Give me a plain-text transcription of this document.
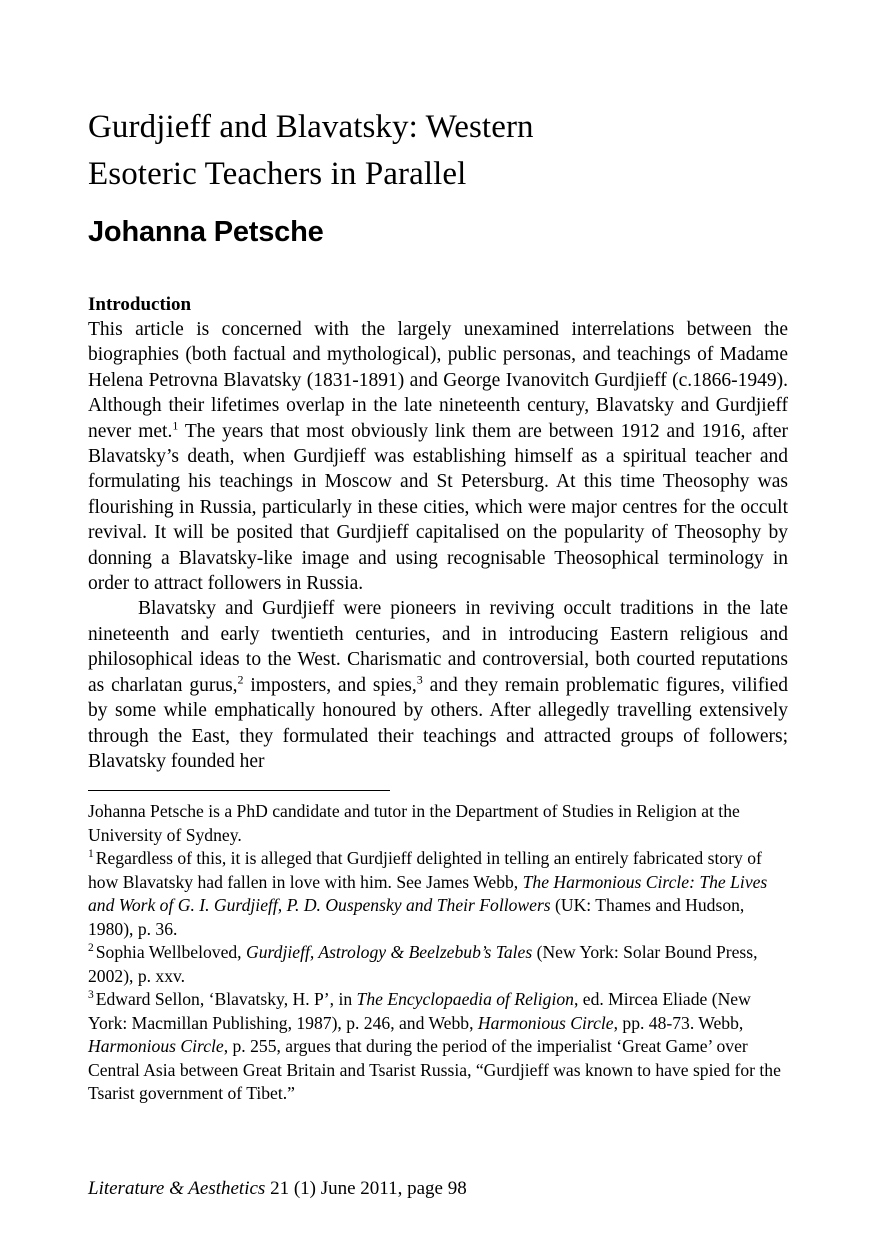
Gurdjieff and Blavatsky: Western
Esoteric Teachers in Parallel
Johanna Petsche
Introduction

This article is concerned with the largely unexamined interrelations between the biographies (both factual and mythological), public personas, and teachings of Madame Helena Petrovna Blavatsky (1831-1891) and George Ivanovitch Gurdjieff (c.1866-1949). Although their lifetimes overlap in the late nineteenth century, Blavatsky and Gurdjieff never met.$^1$ The years that most obviously link them are between 1912 and 1916, after Blavatsky’s death, when Gurdjieff was establishing himself as a spiritual teacher and formulating his teachings in Moscow and St Petersburg. At this time Theosophy was flourishing in Russia, particularly in these cities, which were major centres for the occult revival. It will be posited that Gurdjieff capitalised on the popularity of Theosophy by donning a Blavatsky-like image and using recognisable Theosophical terminology in order to attract followers in Russia.

Blavatsky and Gurdjieff were pioneers in reviving occult traditions in the late nineteenth and early twentieth centuries, and in introducing Eastern religious and philosophical ideas to the West. Charismatic and controversial, both courted reputations as charlatan gurus,$^2$ imposters, and spies,$^3$ and they remain problematic figures, vilified by some while emphatically honoured by others. After allegedly travelling extensively through the East, they formulated their teachings and attracted groups of followers; Blavatsky founded her

Johanna Petsche is a PhD candidate and tutor in the Department of Studies in Religion at the University of Sydney.

$^1$ Regardless of this, it is alleged that Gurdjieff delighted in telling an entirely fabricated story of how Blavatsky had fallen in love with him. See James Webb, The Harmonious Circle: The Lives and Work of G. I. Gurdjieff, P. D. Ouspensky and Their Followers (UK: Thames and Hudson, 1980), p. 36.

$^2$ Sophia Wellbeloved, Gurdjieff, Astrology & Beelzebub’s Tales (New York: Solar Bound Press, 2002), p. xxv.

$^3$ Edward Sellon, ‘Blavatsky, H. P’, in The Encyclopaedia of Religion, ed. Mircea Eliade (New York: Macmillan Publishing, 1987), p. 246, and Webb, Harmonious Circle, pp. 48-73. Webb, Harmonious Circle, p. 255, argues that during the period of the imperialist ‘Great Game’ over Central Asia between Great Britain and Tsarist Russia, “Gurdjieff was known to have spied for the Tsarist government of Tibet.”

Literature & Aesthetics 21 (1) June 2011, page 98
